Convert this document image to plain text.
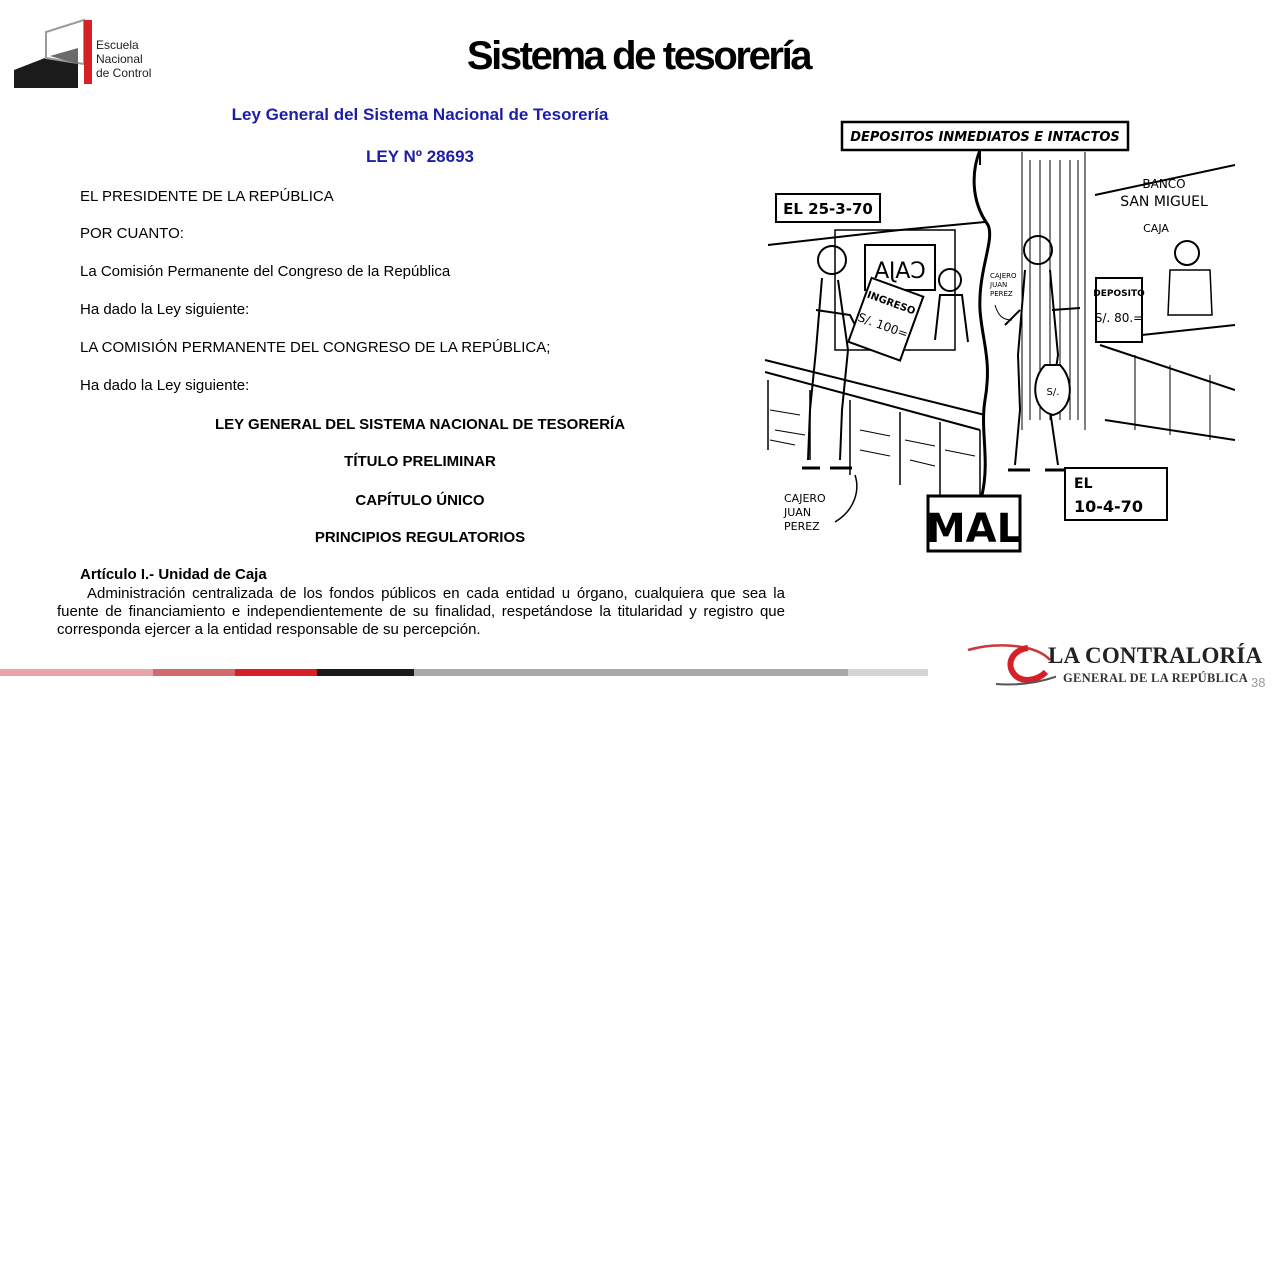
Escuela
Nacional
de Control	Sistema de tesorería
Ley General del Sistema Nacional de Tesorería
LEY Nº 28693
EL PRESIDENTE DE LA REPÚBLICA
POR CUANTO:
La Comisión Permanente del Congreso de la República
Ha dado la Ley siguiente:
LA COMISIÓN PERMANENTE DEL CONGRESO DE LA REPÚBLICA;
Ha dado la Ley siguiente:
LEY GENERAL DEL SISTEMA NACIONAL DE TESORERÍA
TÍTULO PRELIMINAR
CAPÍTULO ÚNICO
PRINCIPIOS REGULATORIOS
Artículo I.- Unidad de Caja
Administración centralizada de los fondos públicos en cada entidad u órgano, cualquiera que sea la fuente de financiamiento e independientemente de su finalidad, respetándose la titularidad y registro que corresponda ejercer a la entidad responsable de su percepción.
DEPOSITOS INMEDIATOS E INTACTOS
EL 25-3-70
CAJA
INGRESO
S/. 100=
CAJERO
JUAN
PEREZ	MAL
BANCO
SAN MIGUEL
CAJA
DEPOSITO
S/. 80.=
S/.
CAJERO
JUAN
PEREZ
EL
10-4-70
LA CONTRALORÍA
GENERAL DE LA REPÚBLICA 38
